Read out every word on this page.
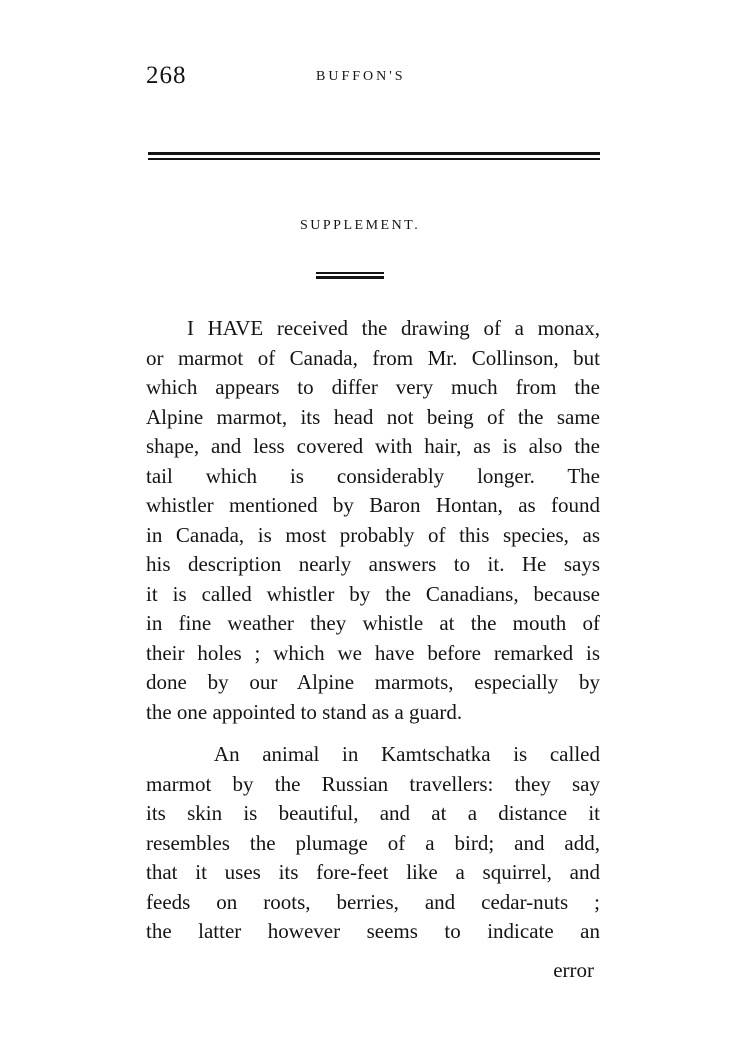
268	BUFFON'S
SUPPLEMENT.
I HAVE received the drawing of a monax,
or marmot of Canada, from Mr. Collinson, but
which appears to differ very much from the
Alpine marmot, its head not being of the same
shape, and less covered with hair, as is also the
tail which is considerably longer. The
whistler mentioned by Baron Hontan, as found
in Canada, is most probably of this species, as
his description nearly answers to it. He says
it is called whistler by the Canadians, because
in fine weather they whistle at the mouth of
their holes ; which we have before remarked is
done by our Alpine marmots, especially by
the one appointed to stand as a guard.
An animal in Kamtschatka is called
marmot by the Russian travellers: they say
its skin is beautiful, and at a distance it
resembles the plumage of a bird; and add,
that it uses its fore-feet like a squirrel, and
feeds on roots, berries, and cedar-nuts ;
the latter however seems to indicate an
error
